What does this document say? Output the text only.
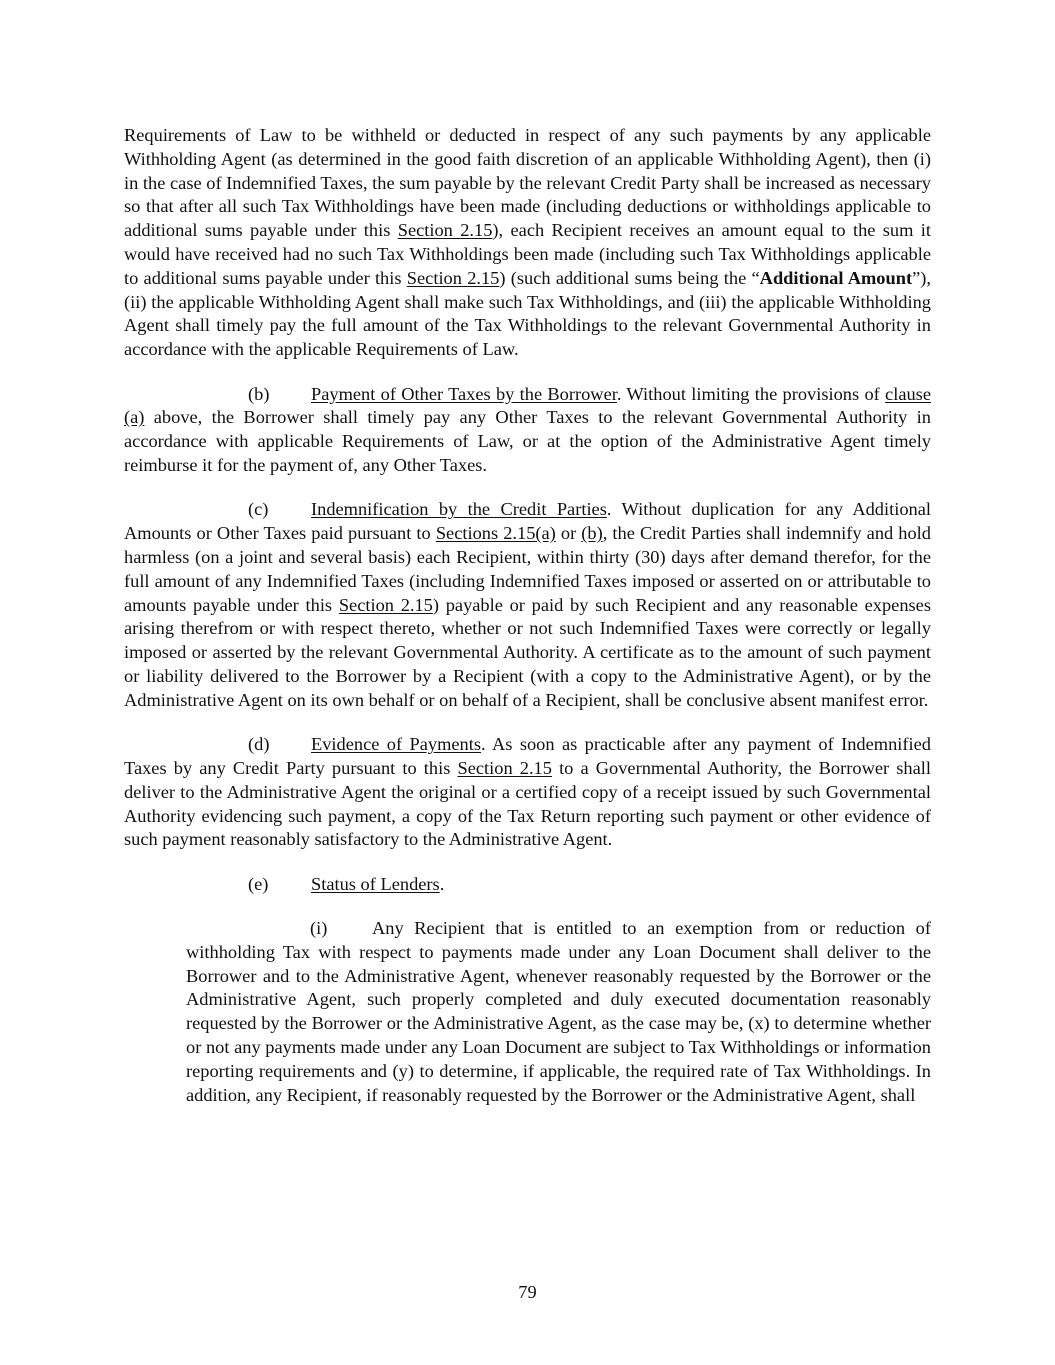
Requirements of Law to be withheld or deducted in respect of any such payments by any applicable Withholding Agent (as determined in the good faith discretion of an applicable Withholding Agent), then (i) in the case of Indemnified Taxes, the sum payable by the relevant Credit Party shall be increased as necessary so that after all such Tax Withholdings have been made (including deductions or withholdings applicable to additional sums payable under this Section 2.15), each Recipient receives an amount equal to the sum it would have received had no such Tax Withholdings been made (including such Tax Withholdings applicable to additional sums payable under this Section 2.15) (such additional sums being the “Additional Amount”), (ii) the applicable Withholding Agent shall make such Tax Withholdings, and (iii) the applicable Withholding Agent shall timely pay the full amount of the Tax Withholdings to the relevant Governmental Authority in accordance with the applicable Requirements of Law.

(b) Payment of Other Taxes by the Borrower. Without limiting the provisions of clause (a) above, the Borrower shall timely pay any Other Taxes to the relevant Governmental Authority in accordance with applicable Requirements of Law, or at the option of the Administrative Agent timely reimburse it for the payment of, any Other Taxes.

(c) Indemnification by the Credit Parties. Without duplication for any Additional Amounts or Other Taxes paid pursuant to Sections 2.15(a) or (b), the Credit Parties shall indemnify and hold harmless (on a joint and several basis) each Recipient, within thirty (30) days after demand therefor, for the full amount of any Indemnified Taxes (including Indemnified Taxes imposed or asserted on or attributable to amounts payable under this Section 2.15) payable or paid by such Recipient and any reasonable expenses arising therefrom or with respect thereto, whether or not such Indemnified Taxes were correctly or legally imposed or asserted by the relevant Governmental Authority. A certificate as to the amount of such payment or liability delivered to the Borrower by a Recipient (with a copy to the Administrative Agent), or by the Administrative Agent on its own behalf or on behalf of a Recipient, shall be conclusive absent manifest error.

(d) Evidence of Payments. As soon as practicable after any payment of Indemnified Taxes by any Credit Party pursuant to this Section 2.15 to a Governmental Authority, the Borrower shall deliver to the Administrative Agent the original or a certified copy of a receipt issued by such Governmental Authority evidencing such payment, a copy of the Tax Return reporting such payment or other evidence of such payment reasonably satisfactory to the Administrative Agent.

(e) Status of Lenders.

(i) Any Recipient that is entitled to an exemption from or reduction of withholding Tax with respect to payments made under any Loan Document shall deliver to the Borrower and to the Administrative Agent, whenever reasonably requested by the Borrower or the Administrative Agent, such properly completed and duly executed documentation reasonably requested by the Borrower or the Administrative Agent, as the case may be, (x) to determine whether or not any payments made under any Loan Document are subject to Tax Withholdings or information reporting requirements and (y) to determine, if applicable, the required rate of Tax Withholdings. In addition, any Recipient, if reasonably requested by the Borrower or the Administrative Agent, shall

79
